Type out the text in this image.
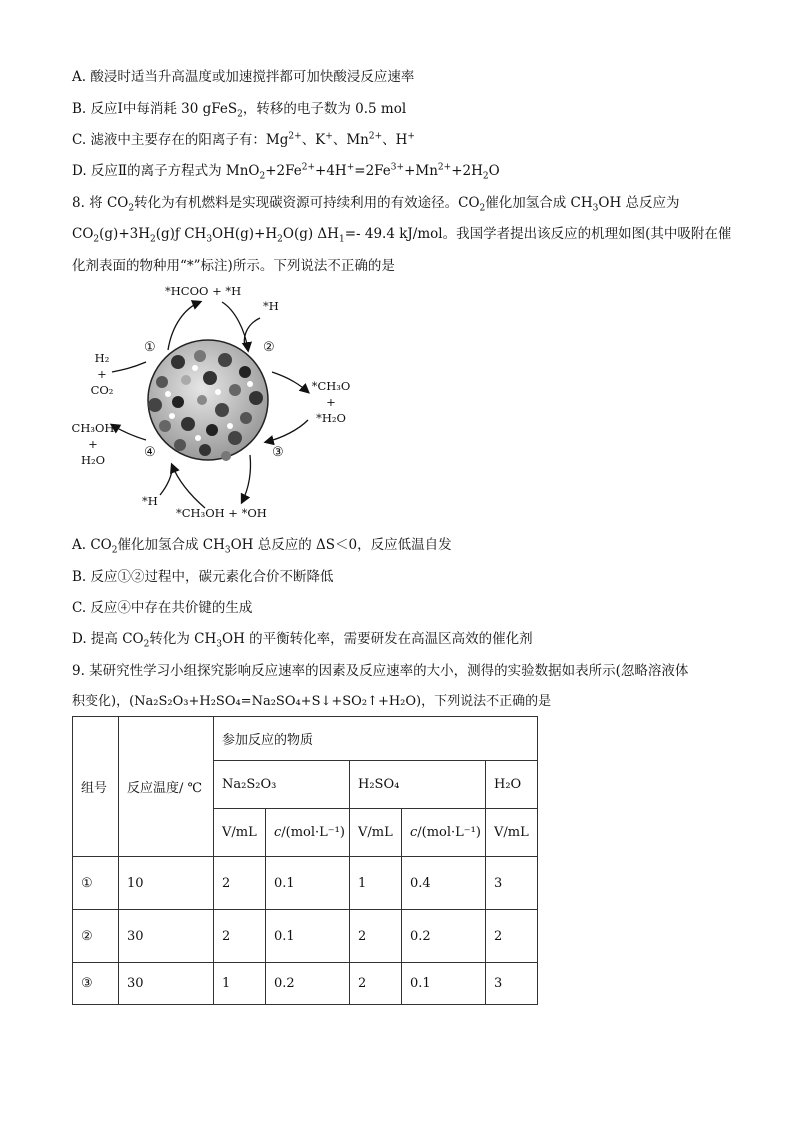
A. 酸浸时适当升高温度或加速搅拌都可加快酸浸反应速率
B. 反应Ⅰ中每消耗 30 gFeS$_2$，转移的电子数为 0.5 mol
C. 滤液中主要存在的阳离子有：$Mg^{2+}$、K+、$Mn^{2+}$、H+
D. 反应Ⅱ的离子方程式为 $MnO_2+2Fe^{2+}+4H^+=2Fe^{3+}+Mn^{2+}+2H_2O$
8. 将 $CO_2$转化为有机燃料是实现碳资源可持续利用的有效途径。$CO_2$催化加氢合成 $CH_3OH$ 总反应为
$CO_2(g)+3H_2(g)ƒ$ $CH_3OH(g)+H_2O(g)$ $\Delta H_1=-$ 49.4 kJ/mol。我国学者提出该反应的机理如图(其中吸附在催
化剂表面的物种用“*”标注)所示。下列说法不正确的是
*HCOO + *H
*H
①	②
③
④
H₂
+
CO₂	*CH₃O
+
*H₂O
CH₃OH
+
H₂O
*H
*CH₃OH + *OH
A. $CO_2$催化加氢合成 $CH_3OH$ 总反应的 ΔS＜0，反应低温自发
B. 反应①②过程中，碳元素化合价不断降低
C. 反应④中存在共价键的生成
D. 提高 $CO_2$转化为 $CH_3OH$ 的平衡转化率，需要研发在高温区高效的催化剂
9. 某研究性学习小组探究影响反应速率的因素及反应速率的大小，测得的实验数据如表所示(忽略溶液体
积变化)，(Na₂S₂O₃+H₂SO₄=Na₂SO₄+S↓+SO₂↑+H₂O)，下列说法不正确的是
组号	反应温度/ ℃	参加反应的物质				
		Na₂S₂O₃		H₂SO₄		H₂O
		V/mL	c/(mol·L⁻¹)	V/mL	c/(mol·L⁻¹)	V/mL
①	10	2	0.1	1	0.4	3
②	30	2	0.1	2	0.2	2
③	30	1	0.2	2	0.1	3
